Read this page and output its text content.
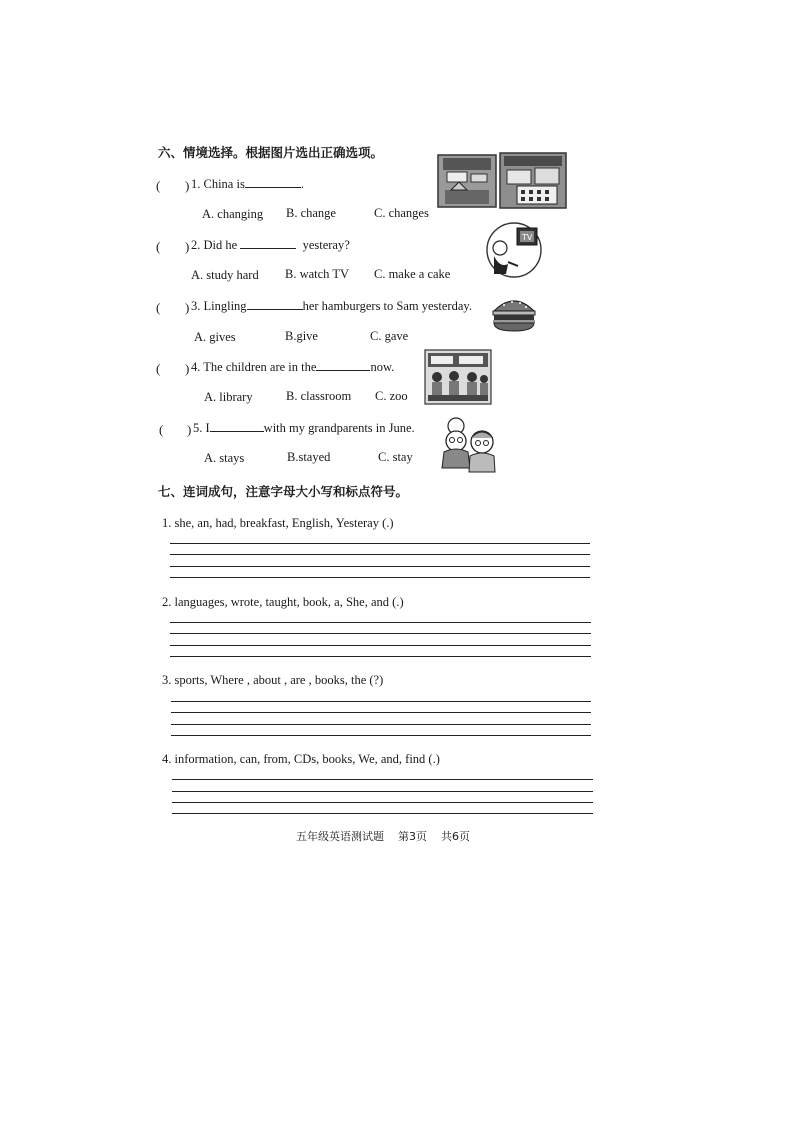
六、情境选择。根据图片选出正确选项。
( ) 1. China is	.
A. changing B. change	C. changes
( ) 2. Did he	yesteray?
A. study hard B. watch TV C. make a cake
( ) 3. Lingling	her hamburgers to Sam yesterday.
A. gives	B.give	C. gave
( ) 4. The children are in the	now.
A. library	B. classroom C. zoo
( ) 5. I	with my grandparents in June.
A. stays	B.stayed	C. stay
TV
七、连词成句，注意字母大小写和标点符号。
1. she, an, had, breakfast, English, Yesteray (.)
2. languages, wrote, taught, book, a, She, and (.)
3. sports, Where , about , are , books, the (?)
4. information, can, from, CDs, books, We, and, find (.)
五年级英语测试题 第3页 共6页
